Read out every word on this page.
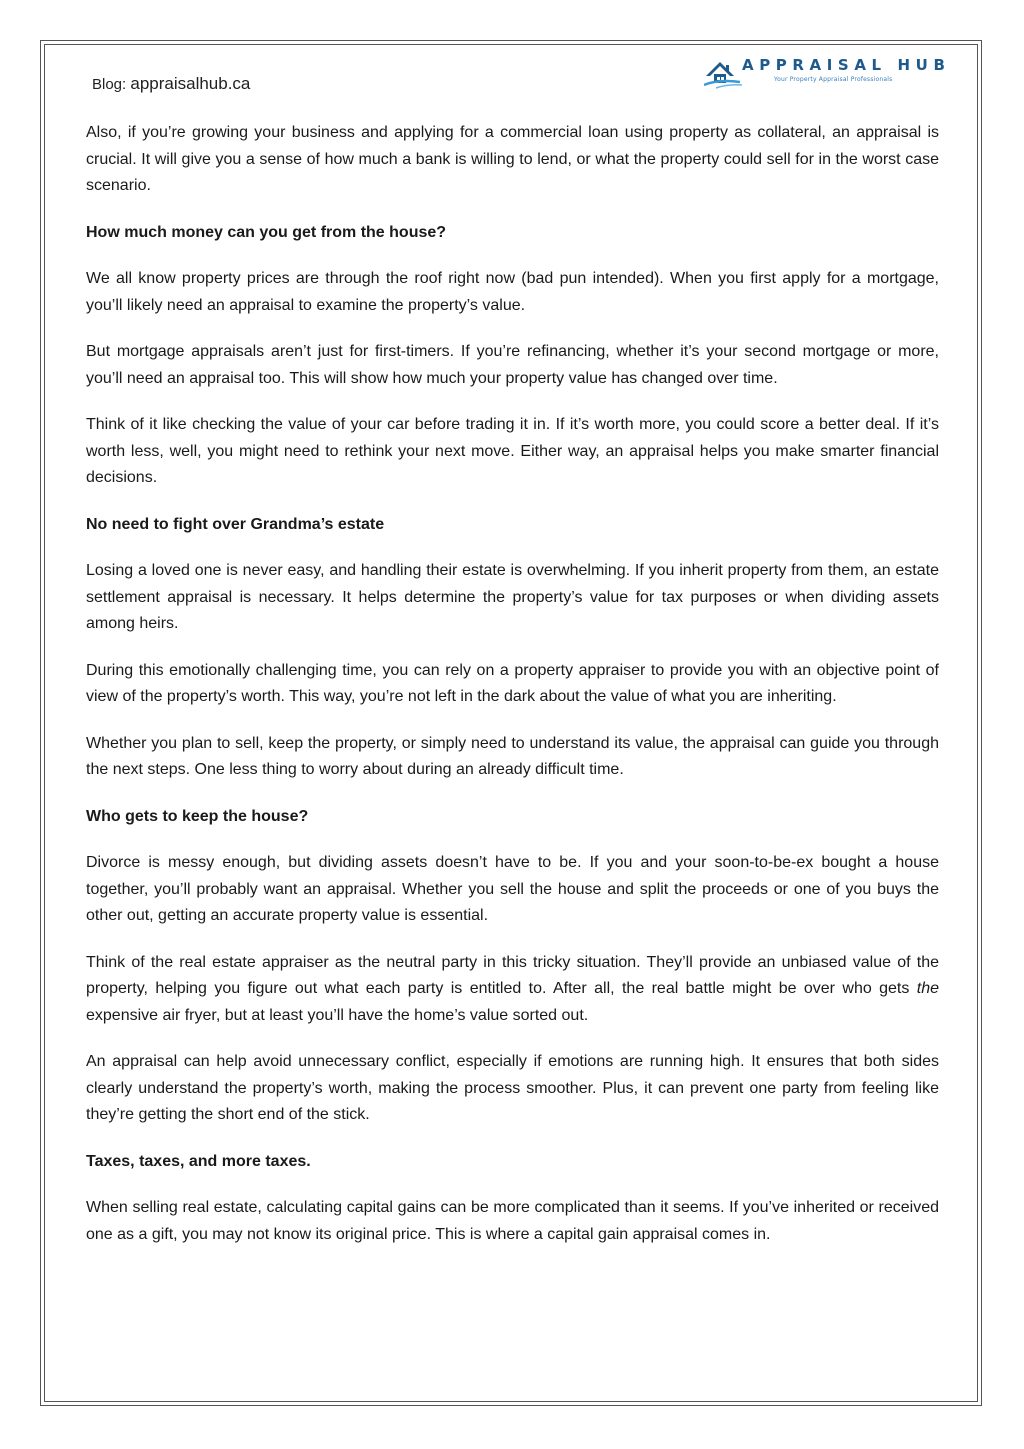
Blog: appraisalhub.ca
APPRAISAL HUB
Your Property Appraisal Professionals

Also, if you’re growing your business and applying for a commercial loan using property as collateral, an appraisal is crucial. It will give you a sense of how much a bank is willing to lend, or what the property could sell for in the worst case scenario.

How much money can you get from the house?

We all know property prices are through the roof right now (bad pun intended). When you first apply for a mortgage, you’ll likely need an appraisal to examine the property’s value.

But mortgage appraisals aren’t just for first-timers. If you’re refinancing, whether it’s your second mortgage or more, you’ll need an appraisal too. This will show how much your property value has changed over time.

Think of it like checking the value of your car before trading it in. If it’s worth more, you could score a better deal. If it’s worth less, well, you might need to rethink your next move. Either way, an appraisal helps you make smarter financial decisions.

No need to fight over Grandma’s estate

Losing a loved one is never easy, and handling their estate is overwhelming. If you inherit property from them, an estate settlement appraisal is necessary. It helps determine the property’s value for tax purposes or when dividing assets among heirs.

During this emotionally challenging time, you can rely on a property appraiser to provide you with an objective point of view of the property’s worth. This way, you’re not left in the dark about the value of what you are inheriting.

Whether you plan to sell, keep the property, or simply need to understand its value, the appraisal can guide you through the next steps. One less thing to worry about during an already difficult time.

Who gets to keep the house?

Divorce is messy enough, but dividing assets doesn’t have to be. If you and your soon-to-be-ex bought a house together, you’ll probably want an appraisal. Whether you sell the house and split the proceeds or one of you buys the other out, getting an accurate property value is essential.

Think of the real estate appraiser as the neutral party in this tricky situation. They’ll provide an unbiased value of the property, helping you figure out what each party is entitled to. After all, the real battle might be over who gets the expensive air fryer, but at least you’ll have the home’s value sorted out.

An appraisal can help avoid unnecessary conflict, especially if emotions are running high. It ensures that both sides clearly understand the property’s worth, making the process smoother. Plus, it can prevent one party from feeling like they’re getting the short end of the stick.

Taxes, taxes, and more taxes.

When selling real estate, calculating capital gains can be more complicated than it seems. If you’ve inherited or received one as a gift, you may not know its original price. This is where a capital gain appraisal comes in.
